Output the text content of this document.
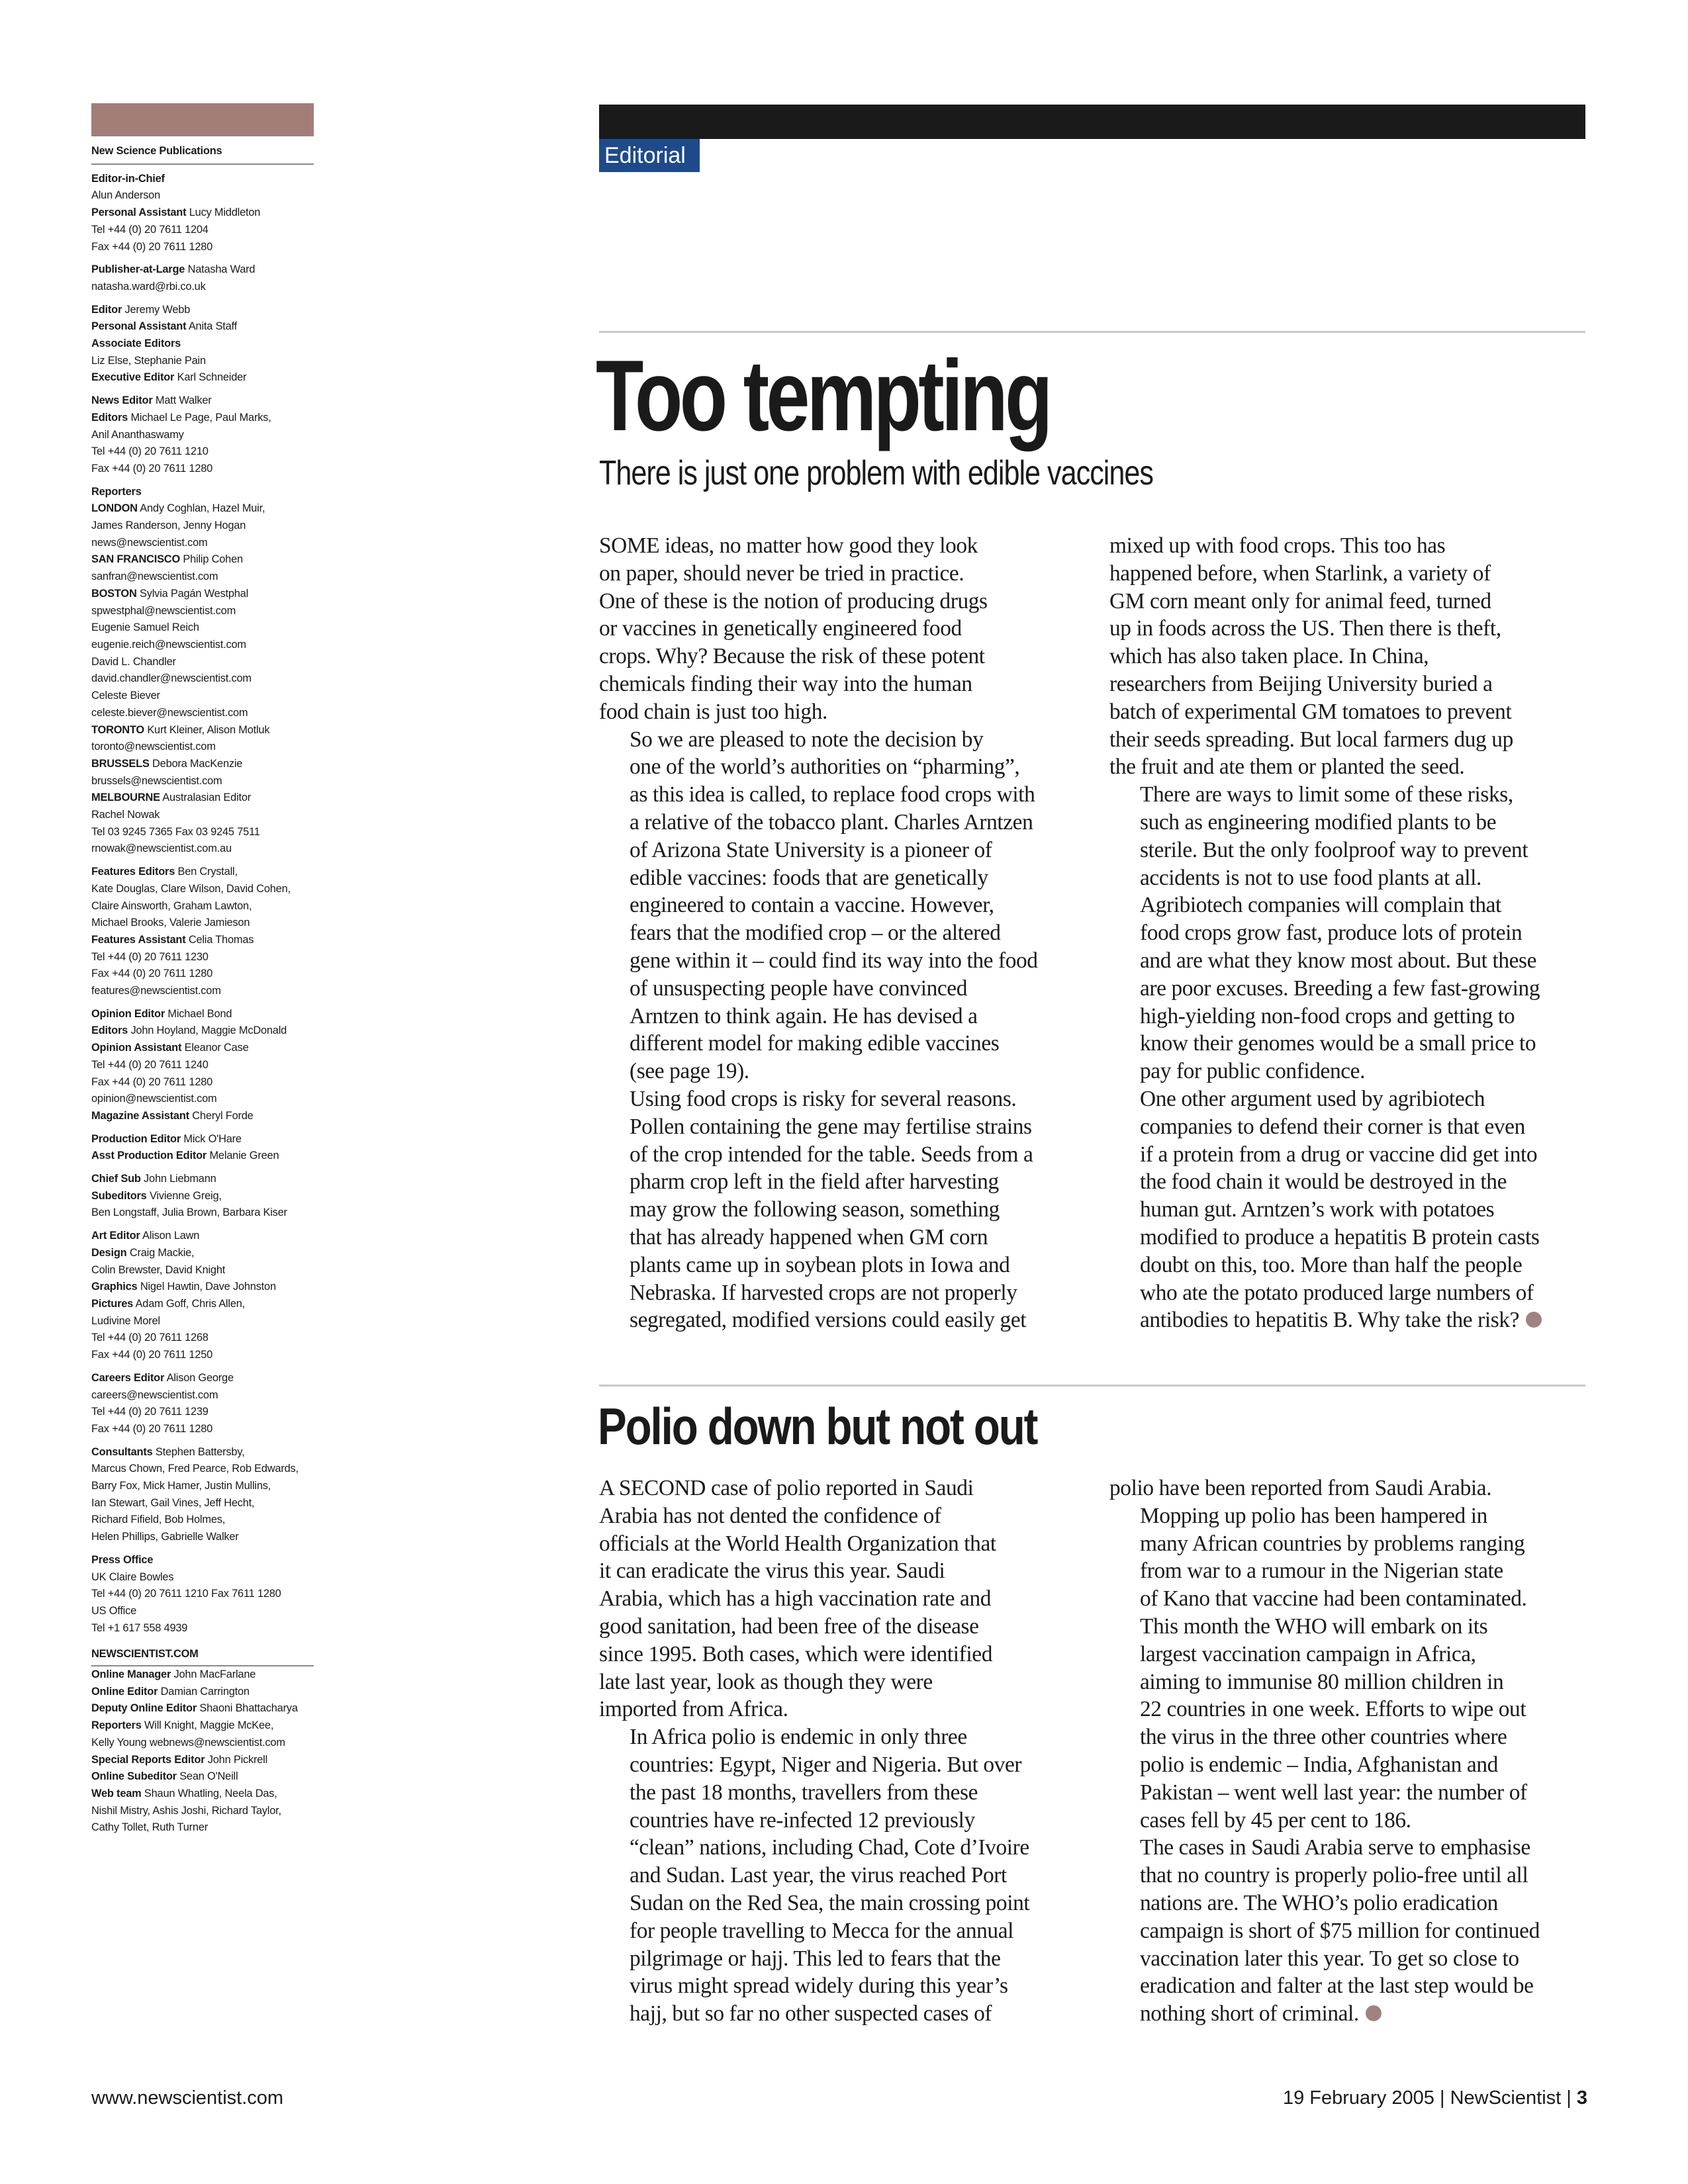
New Science Publications
Editor-in-Chief
Alun Anderson
Personal Assistant Lucy Middleton
Tel +44 (0) 20 7611 1204
Fax +44 (0) 20 7611 1280
Publisher-at-Large Natasha Ward
natasha.ward@rbi.co.uk
Editor Jeremy Webb
Personal Assistant Anita Staff
Associate Editors
Liz Else, Stephanie Pain
Executive Editor Karl Schneider
News Editor Matt Walker
Editors Michael Le Page, Paul Marks,
Anil Ananthaswamy
Tel +44 (0) 20 7611 1210
Fax +44 (0) 20 7611 1280
Reporters
LONDON Andy Coghlan, Hazel Muir,
James Randerson, Jenny Hogan
news@newscientist.com
SAN FRANCISCO Philip Cohen
sanfran@newscientist.com
BOSTON Sylvia Pagán Westphal
spwestphal@newscientist.com
Eugenie Samuel Reich
eugenie.reich@newscientist.com
David L. Chandler
david.chandler@newscientist.com
Celeste Biever
celeste.biever@newscientist.com
TORONTO Kurt Kleiner, Alison Motluk
toronto@newscientist.com
BRUSSELS Debora MacKenzie
brussels@newscientist.com
MELBOURNE Australasian Editor
Rachel Nowak
Tel 03 9245 7365 Fax 03 9245 7511
rnowak@newscientist.com.au
Features Editors Ben Crystall,
Kate Douglas, Clare Wilson, David Cohen,
Claire Ainsworth, Graham Lawton,
Michael Brooks, Valerie Jamieson
Features Assistant Celia Thomas
Tel +44 (0) 20 7611 1230
Fax +44 (0) 20 7611 1280
features@newscientist.com
Opinion Editor Michael Bond
Editors John Hoyland, Maggie McDonald
Opinion Assistant Eleanor Case
Tel +44 (0) 20 7611 1240
Fax +44 (0) 20 7611 1280
opinion@newscientist.com
Magazine Assistant Cheryl Forde
Production Editor Mick O'Hare
Asst Production Editor Melanie Green
Chief Sub John Liebmann
Subeditors Vivienne Greig,
Ben Longstaff, Julia Brown, Barbara Kiser
Art Editor Alison Lawn
Design Craig Mackie,
Colin Brewster, David Knight
Graphics Nigel Hawtin, Dave Johnston
Pictures Adam Goff, Chris Allen,
Ludivine Morel
Tel +44 (0) 20 7611 1268
Fax +44 (0) 20 7611 1250
Careers Editor Alison George
careers@newscientist.com
Tel +44 (0) 20 7611 1239
Fax +44 (0) 20 7611 1280
Consultants Stephen Battersby,
Marcus Chown, Fred Pearce, Rob Edwards,
Barry Fox, Mick Hamer, Justin Mullins,
Ian Stewart, Gail Vines, Jeff Hecht,
Richard Fifield, Bob Holmes,
Helen Phillips, Gabrielle Walker
Press Office
UK Claire Bowles
Tel +44 (0) 20 7611 1210 Fax 7611 1280
US Office
Tel +1 617 558 4939
NEWSCIENTIST.COM
Online Manager John MacFarlane
Online Editor Damian Carrington
Deputy Online Editor Shaoni Bhattacharya
Reporters Will Knight, Maggie McKee,
Kelly Young webnews@newscientist.com
Special Reports Editor John Pickrell
Online Subeditor Sean O'Neill
Web team Shaun Whatling, Neela Das,
Nishil Mistry, Ashis Joshi, Richard Taylor,
Cathy Tollet, Ruth Turner
Editorial
Too tempting
There is just one problem with edible vaccines

SOME ideas, no matter how good they look
on paper, should never be tried in practice.
One of these is the notion of producing drugs
or vaccines in genetically engineered food
crops. Why? Because the risk of these potent
chemicals finding their way into the human
food chain is just too high.

So we are pleased to note the decision by
one of the world’s authorities on “pharming”,
as this idea is called, to replace food crops with
a relative of the tobacco plant. Charles Arntzen
of Arizona State University is a pioneer of
edible vaccines: foods that are genetically
engineered to contain a vaccine. However,
fears that the modified crop – or the altered
gene within it – could find its way into the food
of unsuspecting people have convinced
Arntzen to think again. He has devised a
different model for making edible vaccines
(see page 19).

Using food crops is risky for several reasons.
Pollen containing the gene may fertilise strains
of the crop intended for the table. Seeds from a
pharm crop left in the field after harvesting
may grow the following season, something
that has already happened when GM corn
plants came up in soybean plots in Iowa and
Nebraska. If harvested crops are not properly
segregated, modified versions could easily get

mixed up with food crops. This too has
happened before, when Starlink, a variety of
GM corn meant only for animal feed, turned
up in foods across the US. Then there is theft,
which has also taken place. In China,
researchers from Beijing University buried a
batch of experimental GM tomatoes to prevent
their seeds spreading. But local farmers dug up
the fruit and ate them or planted the seed.

There are ways to limit some of these risks,
such as engineering modified plants to be
sterile. But the only foolproof way to prevent
accidents is not to use food plants at all.
Agribiotech companies will complain that
food crops grow fast, produce lots of protein
and are what they know most about. But these
are poor excuses. Breeding a few fast-growing
high-yielding non-food crops and getting to
know their genomes would be a small price to
pay for public confidence.

One other argument used by agribiotech
companies to defend their corner is that even
if a protein from a drug or vaccine did get into
the food chain it would be destroyed in the
human gut. Arntzen’s work with potatoes
modified to produce a hepatitis B protein casts
doubt on this, too. More than half the people
who ate the potato produced large numbers of
antibodies to hepatitis B. Why take the risk?

Polio down but not out

A SECOND case of polio reported in Saudi
Arabia has not dented the confidence of
officials at the World Health Organization that
it can eradicate the virus this year. Saudi
Arabia, which has a high vaccination rate and
good sanitation, had been free of the disease
since 1995. Both cases, which were identified
late last year, look as though they were
imported from Africa.

In Africa polio is endemic in only three
countries: Egypt, Niger and Nigeria. But over
the past 18 months, travellers from these
countries have re-infected 12 previously
“clean” nations, including Chad, Cote d’Ivoire
and Sudan. Last year, the virus reached Port
Sudan on the Red Sea, the main crossing point
for people travelling to Mecca for the annual
pilgrimage or hajj. This led to fears that the
virus might spread widely during this year’s
hajj, but so far no other suspected cases of

polio have been reported from Saudi Arabia.

Mopping up polio has been hampered in
many African countries by problems ranging
from war to a rumour in the Nigerian state
of Kano that vaccine had been contaminated.
This month the WHO will embark on its
largest vaccination campaign in Africa,
aiming to immunise 80 million children in
22 countries in one week. Efforts to wipe out
the virus in the three other countries where
polio is endemic – India, Afghanistan and
Pakistan – went well last year: the number of
cases fell by 45 per cent to 186.

The cases in Saudi Arabia serve to emphasise
that no country is properly polio-free until all
nations are. The WHO’s polio eradication
campaign is short of $75 million for continued
vaccination later this year. To get so close to
eradication and falter at the last step would be
nothing short of criminal.

www.newscientist.com	19 February 2005 | NewScientist | 3
